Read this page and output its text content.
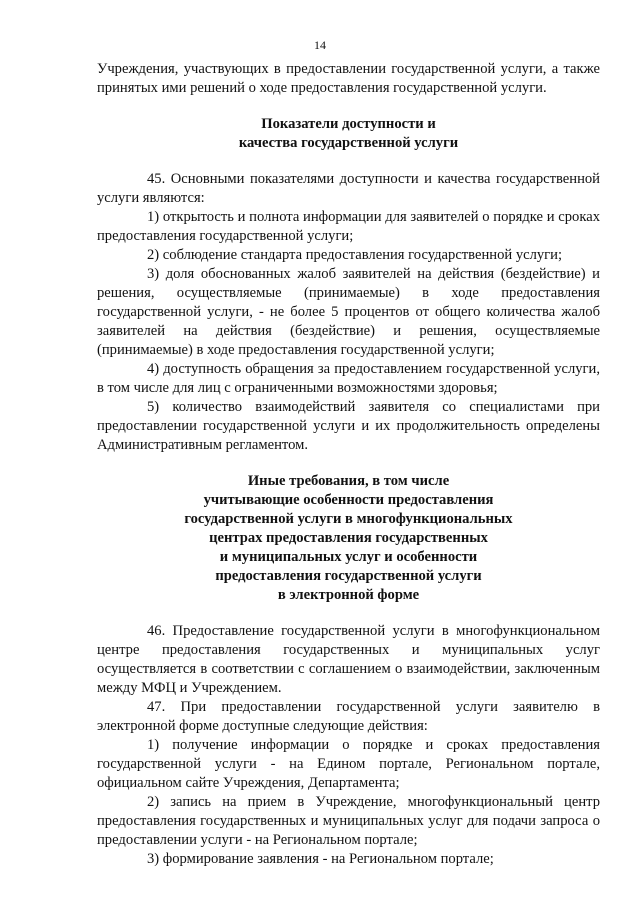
14

Учреждения, участвующих в предоставлении государственной услуги, а также принятых ими решений о ходе предоставления государственной услуги.

Показатели доступности и
качества государственной услуги

45. Основными показателями доступности и качества государственной услуги являются:

1) открытость и полнота информации для заявителей о порядке и сроках предоставления государственной услуги;

2) соблюдение стандарта предоставления государственной услуги;

3) доля обоснованных жалоб заявителей на действия (бездействие) и решения, осуществляемые (принимаемые) в ходе предоставления государственной услуги, - не более 5 процентов от общего количества жалоб заявителей на действия (бездействие) и решения, осуществляемые (принимаемые) в ходе предоставления государственной услуги;

4) доступность обращения за предоставлением государственной услуги, в том числе для лиц с ограниченными возможностями здоровья;

5) количество взаимодействий заявителя со специалистами при предоставлении государственной услуги и их продолжительность определены Административным регламентом.

Иные требования, в том числе
учитывающие особенности предоставления
государственной услуги в многофункциональных
центрах предоставления государственных
и муниципальных услуг и особенности
предоставления государственной услуги
в электронной форме

46. Предоставление государственной услуги в многофункциональном центре предоставления государственных и муниципальных услуг осуществляется в соответствии с соглашением о взаимодействии, заключенным между МФЦ и Учреждением.

47. При предоставлении государственной услуги заявителю в электронной форме доступные следующие действия:

1) получение информации о порядке и сроках предоставления государственной услуги - на Едином портале, Региональном портале, официальном сайте Учреждения, Департамента;

2) запись на прием в Учреждение, многофункциональный центр предоставления государственных и муниципальных услуг для подачи запроса о предоставлении услуги - на Региональном портале;

3) формирование заявления - на Региональном портале;
